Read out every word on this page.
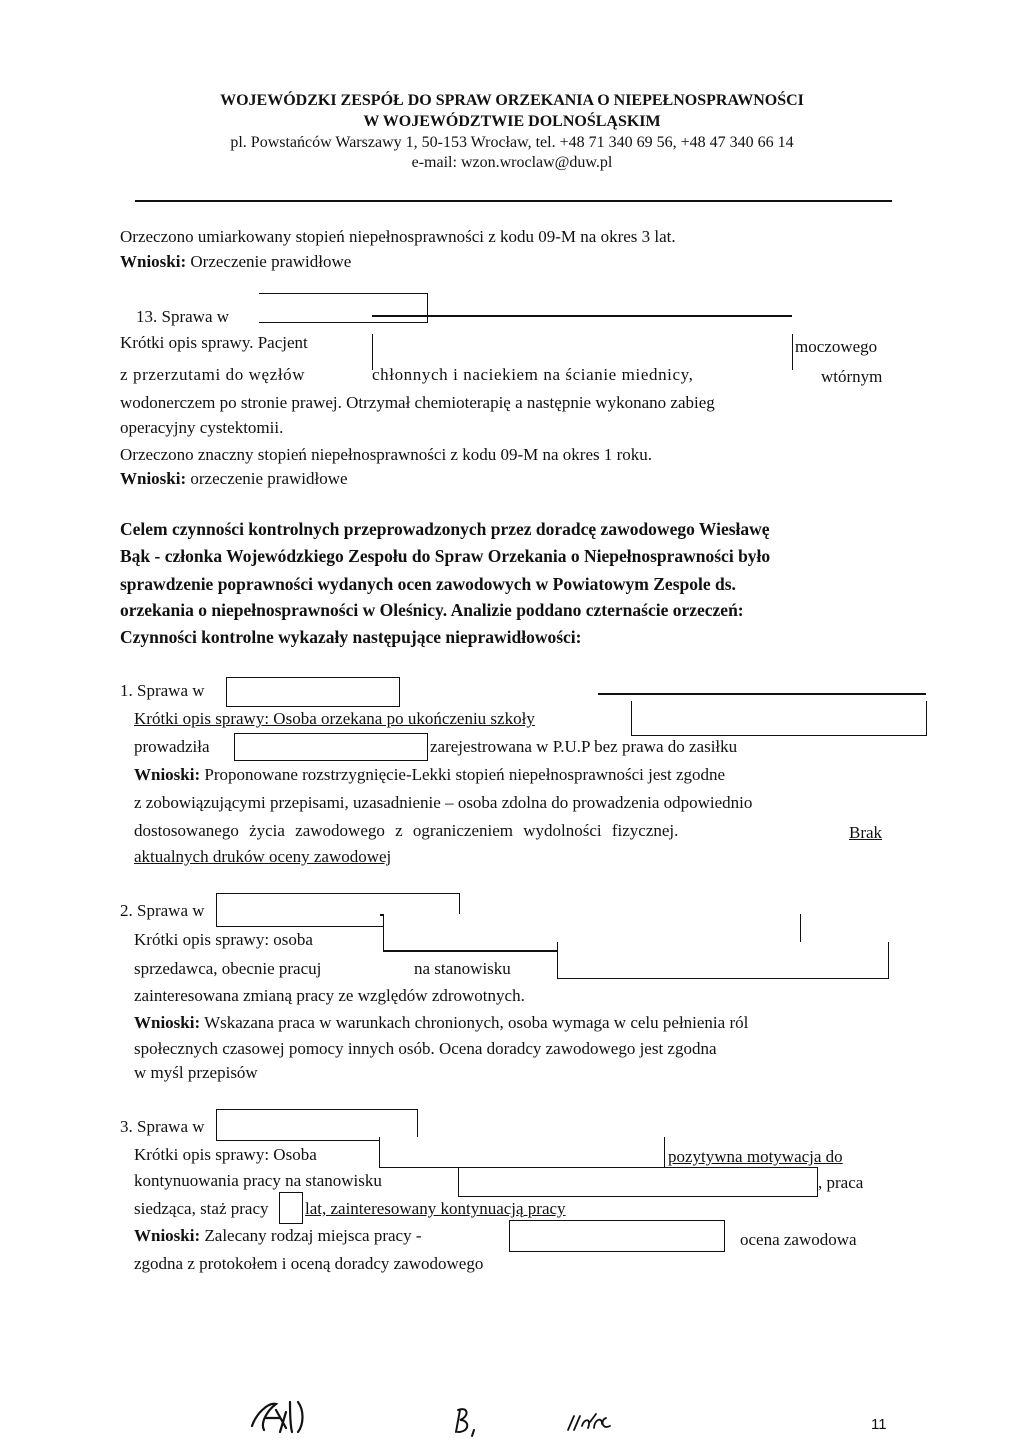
WOJEWÓDZKI ZESPÓŁ DO SPRAW ORZEKANIA O NIEPEŁNOSPRAWNOŚCI
W WOJEWÓDZTWIE DOLNOŚLĄSKIM
pl. Powstańców Warszawy 1, 50-153 Wrocław, tel. +48 71 340 69 56, +48 47 340 66 14
e-mail: wzon.wroclaw@duw.pl
Orzeczono umiarkowany stopień niepełnosprawności z kodu 09-M na okres 3 lat.
Wnioski: Orzeczenie prawidłowe
13. Sprawa w
Krótki opis sprawy. Pacjent	moczowego
z przerzutami do węzłów	chłonnych i naciekiem na ścianie miednicy,	wtórnym
wodonerczem po stronie prawej. Otrzymał chemioterapię a następnie wykonano zabieg
operacyjny cystektomii.
Orzeczono znaczny stopień niepełnosprawności z kodu 09-M na okres 1 roku.
Wnioski: orzeczenie prawidłowe
Celem czynności kontrolnych przeprowadzonych przez doradcę zawodowego Wiesławę
Bąk - członka Wojewódzkiego Zespołu do Spraw Orzekania o Niepełnosprawności było
sprawdzenie poprawności wydanych ocen zawodowych w Powiatowym Zespole ds.
orzekania o niepełnosprawności w Oleśnicy. Analizie poddano czternaście orzeczeń:
Czynności kontrolne wykazały następujące nieprawidłowości:
1. Sprawa w
Krótki opis sprawy: Osoba orzekana po ukończeniu szkoły
prowadziła	zarejestrowana w P.U.P bez prawa do zasiłku
Wnioski: Proponowane rozstrzygnięcie-Lekki stopień niepełnosprawności jest zgodne
z zobowiązującymi przepisami, uzasadnienie – osoba zdolna do prowadzenia odpowiednio
dostosowanego życia zawodowego z ograniczeniem wydolności fizycznej.	Brak
aktualnych druków oceny zawodowej
2. Sprawa w
Krótki opis sprawy: osoba
sprzedawca, obecnie pracuj	na stanowisku
zainteresowana zmianą pracy ze względów zdrowotnych.
Wnioski: Wskazana praca w warunkach chronionych, osoba wymaga w celu pełnienia ról
społecznych czasowej pomocy innych osób. Ocena doradcy zawodowego jest zgodna
w myśl przepisów
3. Sprawa w
Krótki opis sprawy: Osoba	pozytywna motywacja do
kontynuowania pracy na stanowisku	, praca
siedząca, staż pracy lat, zainteresowany kontynuacją pracy
Wnioski: Zalecany rodzaj miejsca pracy -	ocena zawodowa
zgodna z protokołem i oceną doradcy zawodowego
11
